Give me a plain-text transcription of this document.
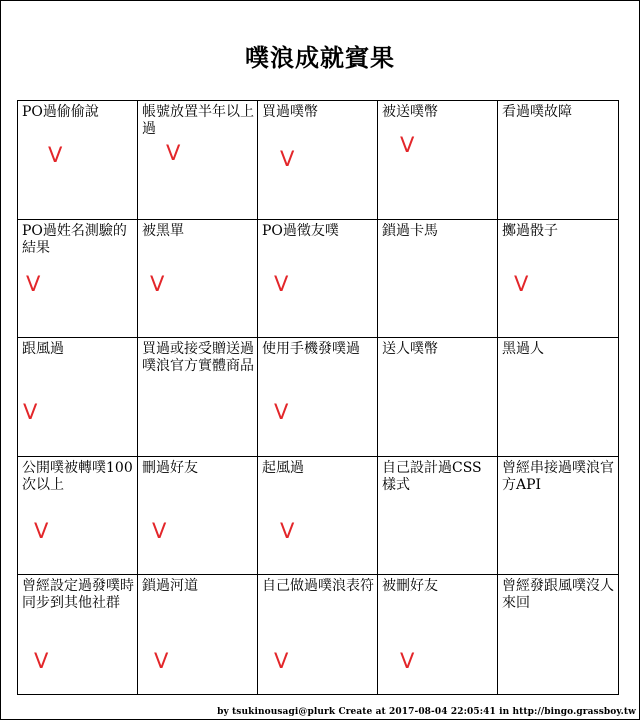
噗浪成就賓果
PO過偷偷說
V
帳號放置半年以上過
V
買過噗幣
V
被送噗幣
V
看過噗故障
PO過姓名測驗的結果
V
被黑單
V
PO過徵友噗
V
鎖過卡馬	擲過骰子
V
跟風過
V
買過或接受贈送過噗浪官方實體商品
使用手機發噗過
V
送人噗幣	黑過人
公開噗被轉噗100次以上
V
刪過好友
V
起風過
V
自己設計過CSS樣式
曾經串接過噗浪官方API
曾經設定過發噗時同步到其他社群
V
鎖過河道
V
自己做過噗浪表符
V
被刪好友
V
曾經發跟風噗沒人來回
by tsukinousagi@plurk Create at 2017-08-04 22:05:41 in http://bingo.grassboy.tw
